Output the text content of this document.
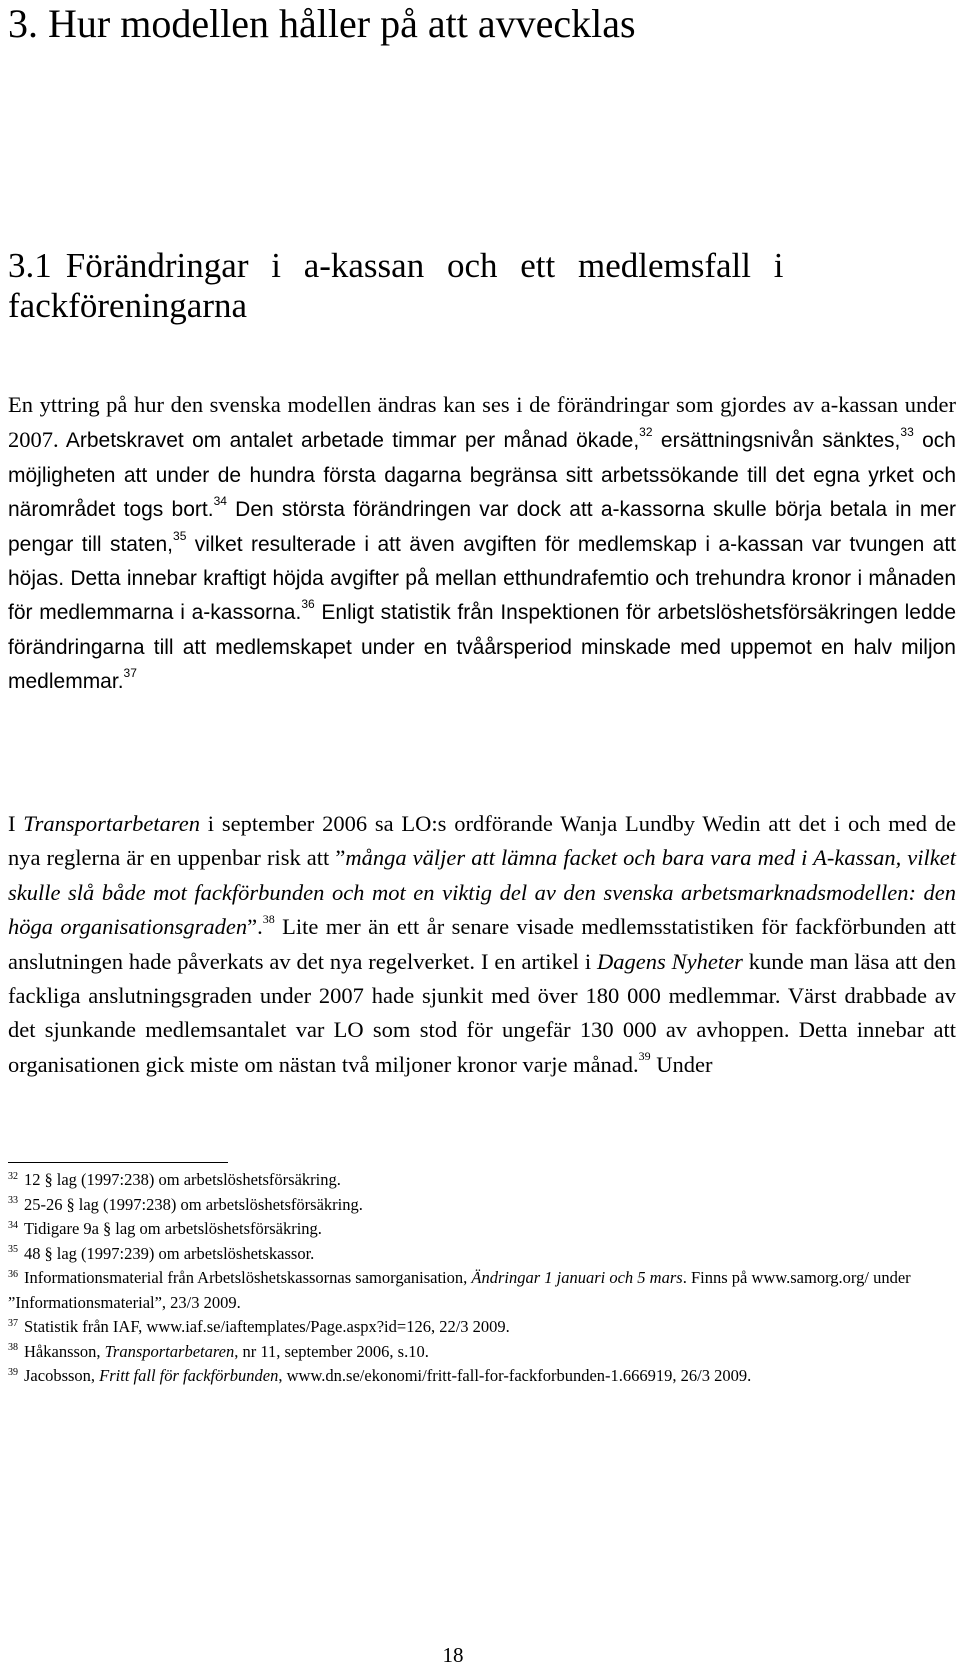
3. Hur modellen håller på att avvecklas
3.1 Förändringar i a-kassan och ett medlemsfall i
fackföreningarna

En yttring på hur den svenska modellen ändras kan ses i de förändringar som gjordes av a-kassan under 2007. Arbetskravet om antalet arbetade timmar per månad ökade,$^{32}$ ersättningsnivån sänktes,$^{33}$ och möjligheten att under de hundra första dagarna begränsa sitt arbetssökande till det egna yrket och närområdet togs bort.$^{34}$ Den största förändringen var dock att a-kassorna skulle börja betala in mer pengar till staten,$^{35}$ vilket resulterade i att även avgiften för medlemskap i a-kassan var tvungen att höjas. Detta innebar kraftigt höjda avgifter på mellan etthundrafemtio och trehundra kronor i månaden för medlemmarna i a-kassorna.$^{36}$ Enligt statistik från Inspektionen för arbetslöshetsförsäkringen ledde förändringarna till att medlemskapet under en tvåårsperiod minskade med uppemot en halv miljon medlemmar.$^{37}$

I Transportarbetaren i september 2006 sa LO:s ordförande Wanja Lundby Wedin att det i och med de nya reglerna är en uppenbar risk att ”många väljer att lämna facket och bara vara med i A-kassan, vilket skulle slå både mot fackförbunden och mot en viktig del av den svenska arbetsmarknadsmodellen: den höga organisationsgraden”.$^{38}$ Lite mer än ett år senare visade medlemsstatistiken för fackförbunden att anslutningen hade påverkats av det nya regelverket. I en artikel i Dagens Nyheter kunde man läsa att den fackliga anslutningsgraden under 2007 hade sjunkit med över 180 000 medlemmar. Värst drabbade av det sjunkande medlemsantalet var LO som stod för ungefär 130 000 av avhoppen. Detta innebar att organisationen gick miste om nästan två miljoner kronor varje månad.$^{39}$ Under

$^{32}$ 12 § lag (1997:238) om arbetslöshetsförsäkring.

$^{33}$ 25-26 § lag (1997:238) om arbetslöshetsförsäkring.

$^{34}$ Tidigare 9a § lag om arbetslöshetsförsäkring.

$^{35}$ 48 § lag (1997:239) om arbetslöshetskassor.

$^{36}$ Informationsmaterial från Arbetslöshetskassornas samorganisation, Ändringar 1 januari och 5 mars. Finns på www.samorg.org/ under ”Informationsmaterial”, 23/3 2009.

$^{37}$ Statistik från IAF, www.iaf.se/iaftemplates/Page.aspx?id=126, 22/3 2009.

$^{38}$ Håkansson, Transportarbetaren, nr 11, september 2006, s.10.

$^{39}$ Jacobsson, Fritt fall för fackförbunden, www.dn.se/ekonomi/fritt-fall-for-fackforbunden-1.666919, 26/3 2009.

18
